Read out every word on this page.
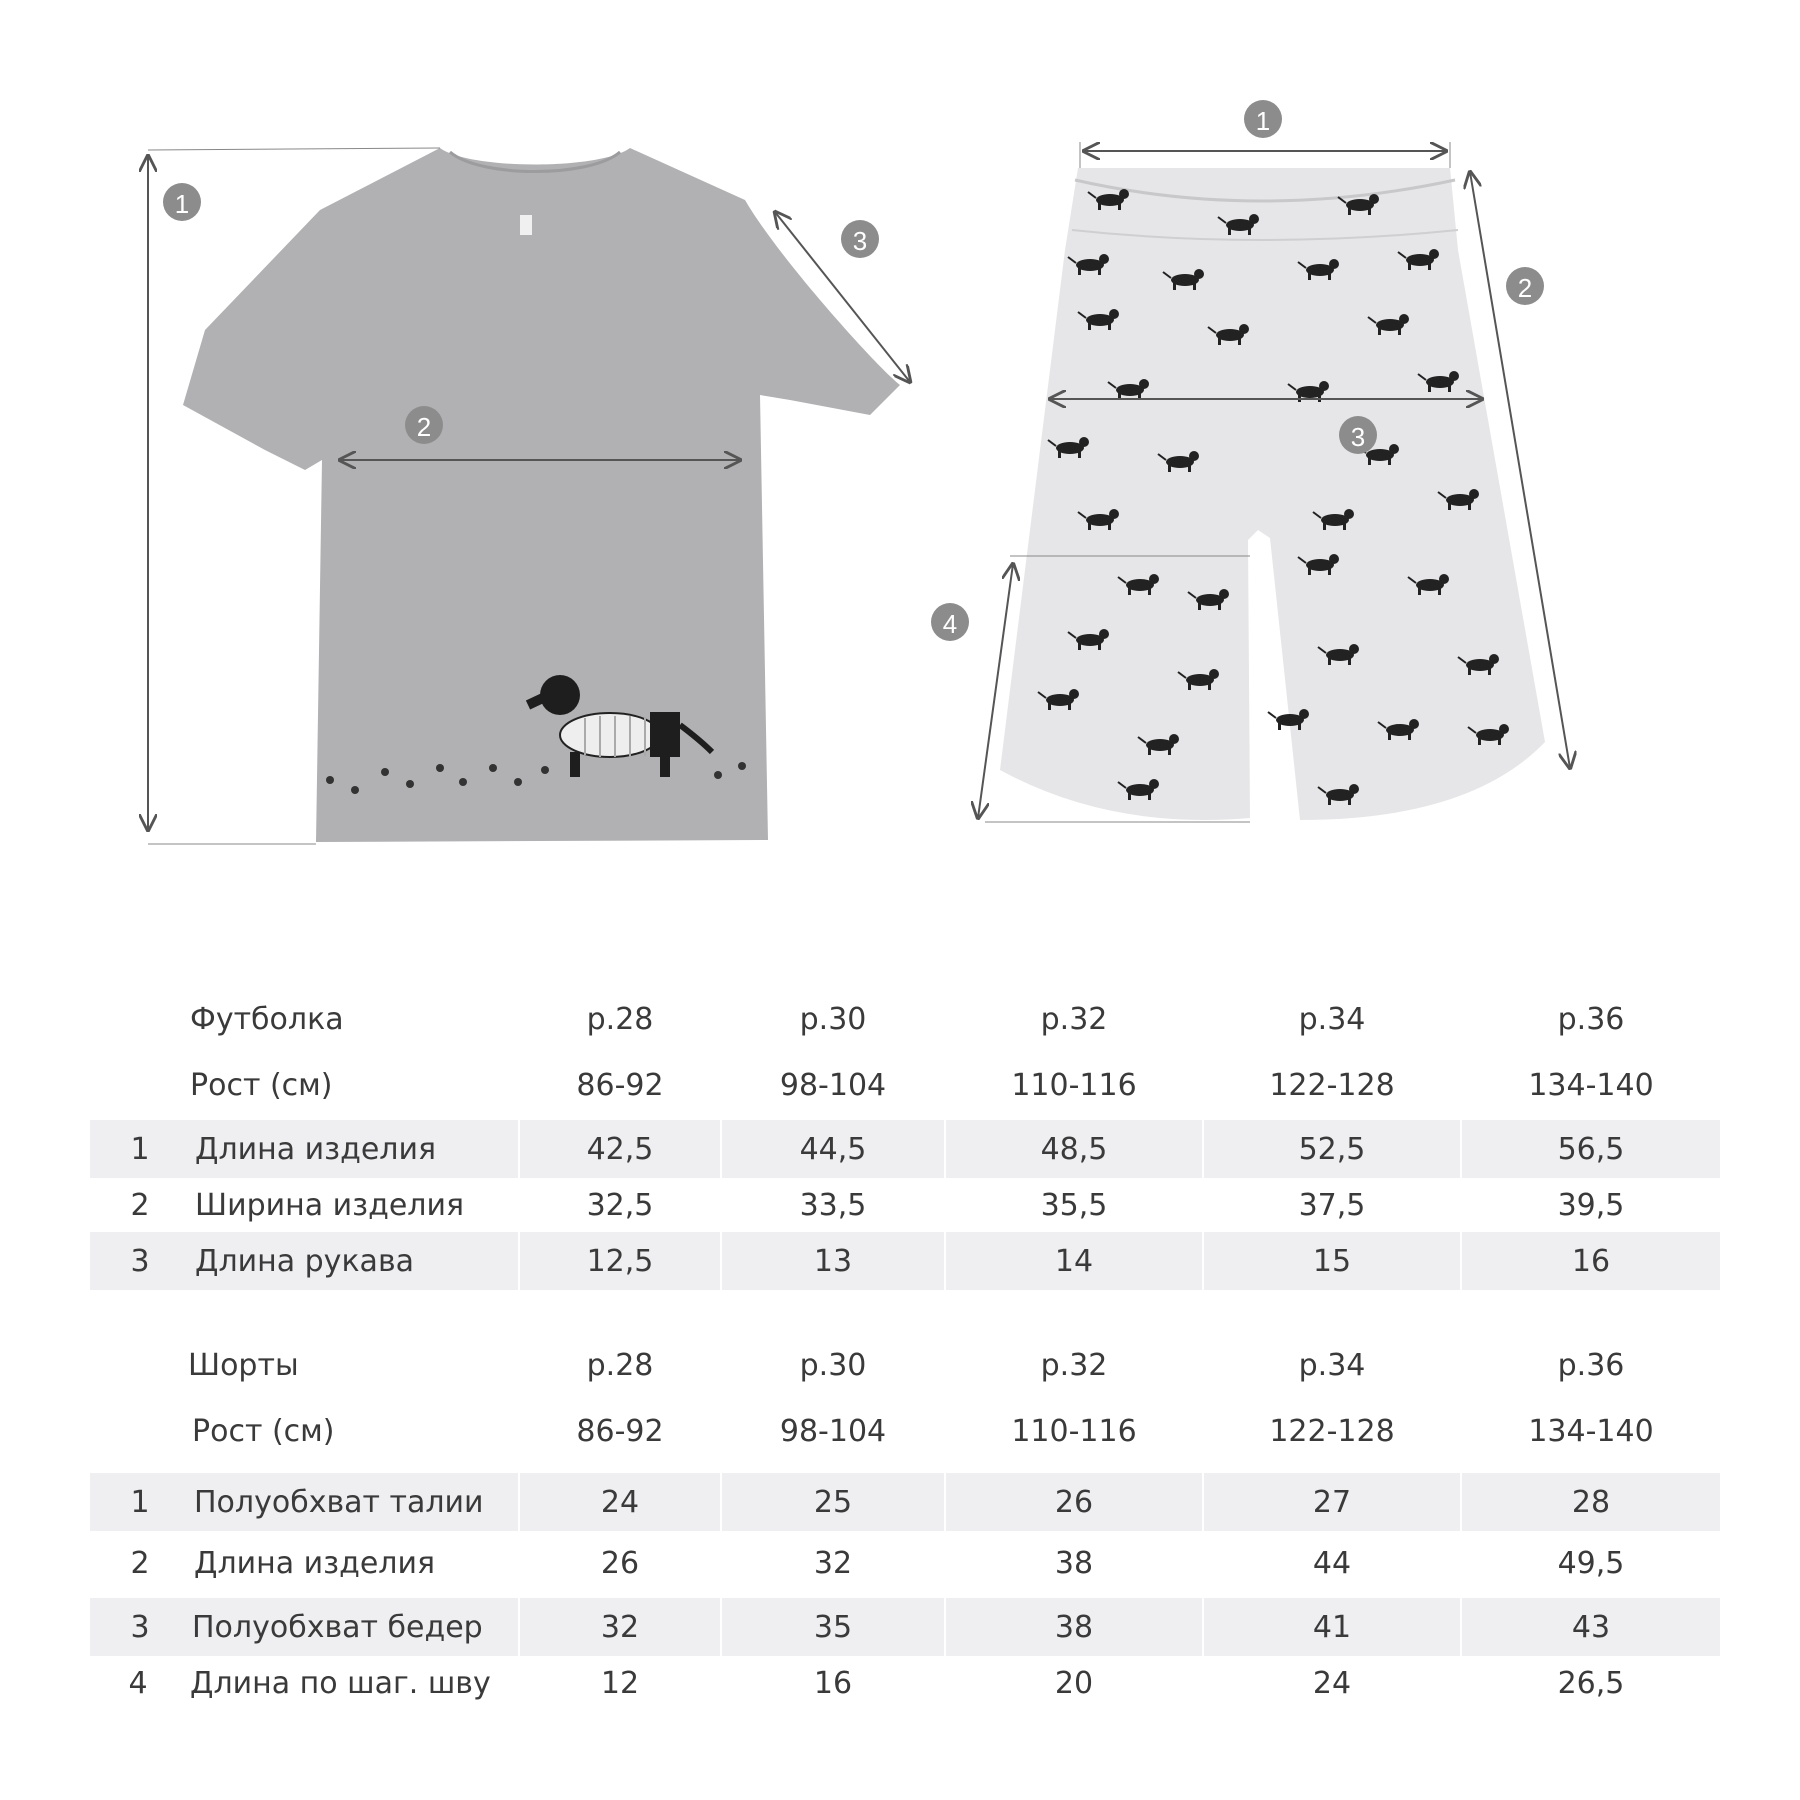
1
2
3
1
2
3
4
Футболка	р.28	р.30	р.32	р.34	р.36
Рост (см)	86-92	98-104	110-116	122-128	134-140
1	Длина изделия	42,5	44,5	48,5	52,5	56,5
2	Ширина изделия	32,5	33,5	35,5	37,5	39,5
3	Длина рукава	12,5	13	14	15	16
Шорты	р.28	р.30	р.32	р.34	р.36
Рост (см)	86-92	98-104	110-116	122-128	134-140
1	Полуобхват талии	24	25	26	27	28
2	Длина изделия	26	32	38	44	49,5
3	Полуобхват бедер	32	35	38	41	43
4	Длина по шаг. шву	12	16	20	24	26,5
